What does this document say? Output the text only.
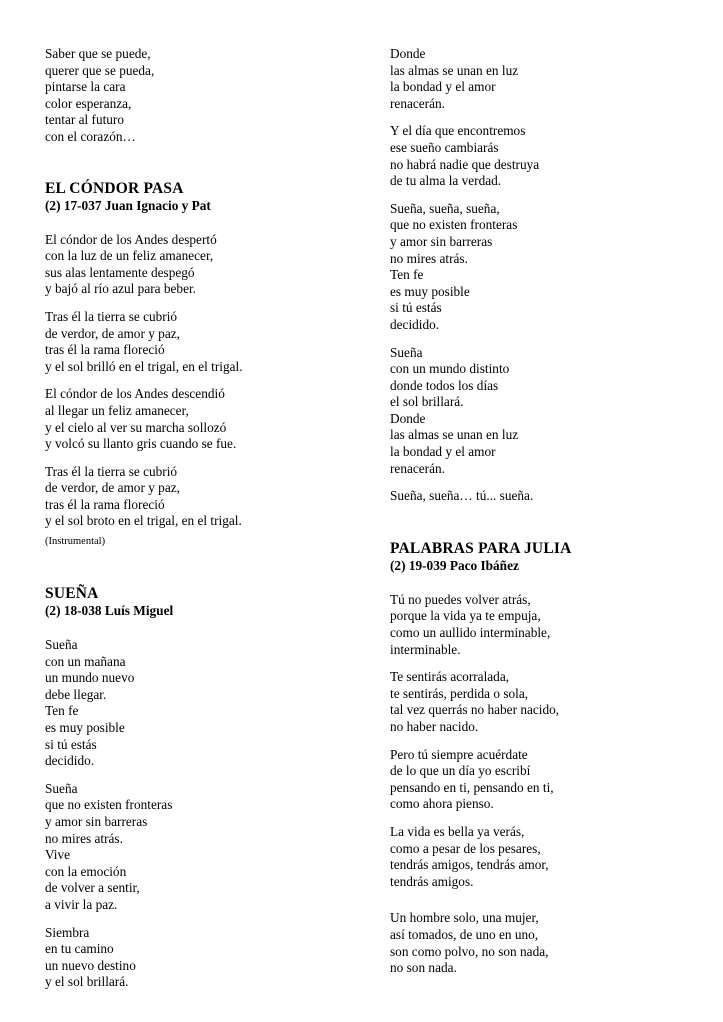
Saber que se puede,
querer que se pueda,
pintarse la cara
color esperanza,
tentar al futuro
con el corazón…
EL CÓNDOR PASA
(2) 17-037 Juan Ignacio y Pat
El cóndor de los Andes despertó
con la luz de un feliz amanecer,
sus alas lentamente despegó
y bajó al río azul para beber.
Tras él la tierra se cubrió
de verdor, de amor y paz,
tras él la rama floreció
y el sol brilló en el trigal, en el trigal.
El cóndor de los Andes descendió
al llegar un feliz amanecer,
y el cielo al ver su marcha sollozó
y volcó su llanto gris cuando se fue.
Tras él la tierra se cubrió
de verdor, de amor y paz,
tras él la rama floreció
y el sol broto en el trigal, en el trigal.
(Instrumental)
SUEÑA
(2) 18-038 Luís Miguel
Sueña
con un mañana
un mundo nuevo
debe llegar.
Ten fe
es muy posible
si tú estás
decidido.
Sueña
que no existen fronteras
y amor sin barreras
no mires atrás.
Vive
con la emoción
de volver a sentir,
a vivir la paz.
Siembra
en tu camino
un nuevo destino
y el sol brillará.
Donde
las almas se unan en luz
la bondad y el amor
renacerán.
Y el día que encontremos
ese sueño cambiarás
no habrá nadie que destruya
de tu alma la verdad.
Sueña, sueña, sueña,
que no existen fronteras
y amor sin barreras
no mires atrás.
Ten fe
es muy posible
si tú estás
decidido.
Sueña
con un mundo distinto
donde todos los días
el sol brillará.
Donde
las almas se unan en luz
la bondad y el amor
renacerán.
Sueña, sueña… tú... sueña.
PALABRAS PARA JULIA
(2) 19-039 Paco Ibáñez
Tú no puedes volver atrás,
porque la vida ya te empuja,
como un aullido interminable,
interminable.
Te sentirás acorralada,
te sentirás, perdida o sola,
tal vez querrás no haber nacido,
no haber nacido.
Pero tú siempre acuérdate
de lo que un día yo escribí
pensando en ti, pensando en ti,
como ahora pienso.
La vida es bella ya verás,
como a pesar de los pesares,
tendrás amigos, tendrás amor,
tendrás amigos.
Un hombre solo, una mujer,
así tomados, de uno en uno,
son como polvo, no son nada,
no son nada.
